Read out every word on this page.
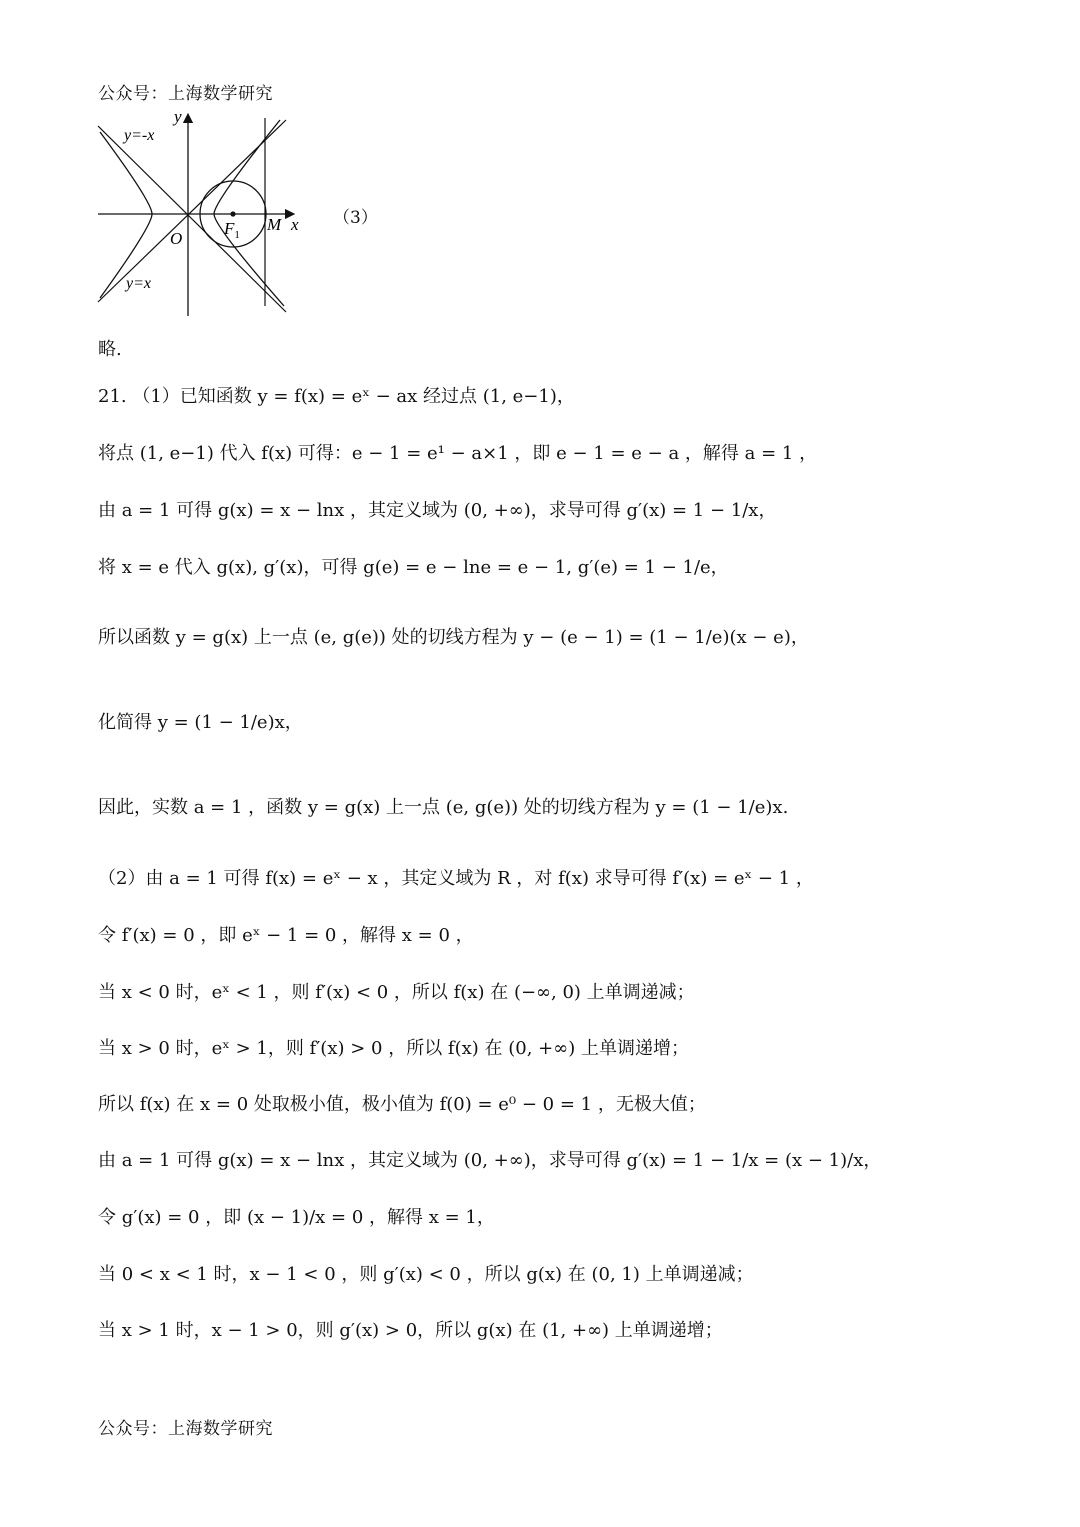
公众号：上海数学研究
y
x
O
$F_1$
M
y=-x
y=x
（3）
略.
21. （1）已知函数 y = f(x) = eˣ − ax 经过点 (1, e−1)，
将点 (1, e−1) 代入 f(x) 可得：e − 1 = e¹ − a×1 ，即 e − 1 = e − a ，解得 a = 1 ，
由 a = 1 可得 g(x) = x − lnx ，其定义域为 (0, +∞)，求导可得 g′(x) = 1 − 1/x，
将 x = e 代入 g(x), g′(x)，可得 g(e) = e − lne = e − 1, g′(e) = 1 − 1/e，
所以函数 y = g(x) 上一点 (e, g(e)) 处的切线方程为 y − (e − 1) = (1 − 1/e)(x − e)，
化简得 y = (1 − 1/e)x，
因此，实数 a = 1 ，函数 y = g(x) 上一点 (e, g(e)) 处的切线方程为 y = (1 − 1/e)x.
（2）由 a = 1 可得 f(x) = eˣ − x ，其定义域为 R ，对 f(x) 求导可得 f′(x) = eˣ − 1 ，
令 f′(x) = 0 ，即 eˣ − 1 = 0 ，解得 x = 0 ，
当 x < 0 时，eˣ < 1 ，则 f′(x) < 0 ，所以 f(x) 在 (−∞, 0) 上单调递减；
当 x > 0 时，eˣ > 1，则 f′(x) > 0 ，所以 f(x) 在 (0, +∞) 上单调递增；
所以 f(x) 在 x = 0 处取极小值，极小值为 f(0) = e⁰ − 0 = 1 ，无极大值；
由 a = 1 可得 g(x) = x − lnx ，其定义域为 (0, +∞)，求导可得 g′(x) = 1 − 1/x = (x − 1)/x，
令 g′(x) = 0 ，即 (x − 1)/x = 0 ，解得 x = 1，
当 0 < x < 1 时，x − 1 < 0 ，则 g′(x) < 0 ，所以 g(x) 在 (0, 1) 上单调递减；
当 x > 1 时，x − 1 > 0，则 g′(x) > 0，所以 g(x) 在 (1, +∞) 上单调递增；
公众号：上海数学研究
